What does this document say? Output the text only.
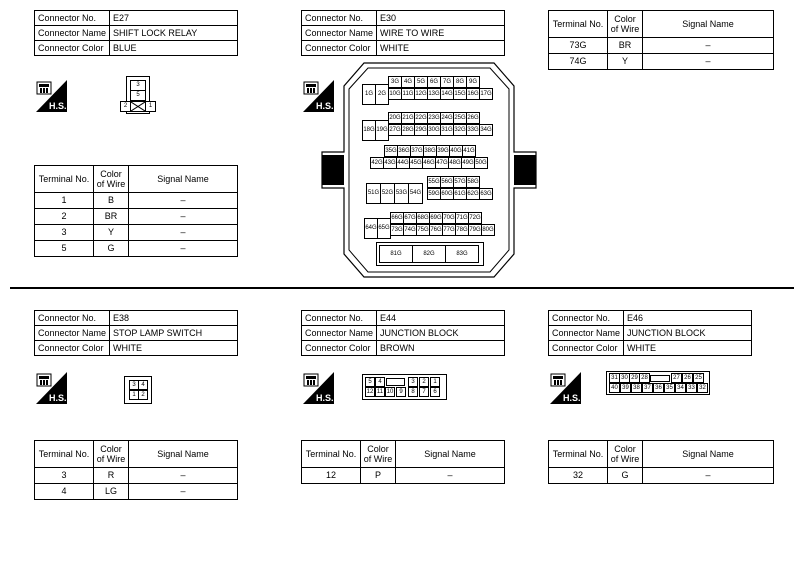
Connector No.	E27
Connector Name	SHIFT LOCK RELAY
Connector Color	BLUE
H.S.
3
5
2	1
Terminal No.	Color of Wire	Signal Name
1	B	–
2	BR	–
3	Y	–
5	G	–
Connector No.	E30
Connector Name	WIRE TO WIRE
Connector Color	WHITE
H.S.
1G 2G
3G 4G 5G 6G 7G 8G 9G
10G 11G 12G 13G 14G 15G 16G 17G
18G 19G
20G 21G 22G 23G 24G 25G 26G
27G 28G 29G 30G 31G 32G 33G 34G
35G 36G 37G 38G 39G 40G 41G
42G 43G 44G 45G 46G 47G 48G 49G 50G
51G 52G 53G 54G
55G 56G 57G 58G
59G 60G 61G 62G 63G
64G 65G
66G 67G 68G 69G 70G 71G 72G
73G 74G 75G 76G 77G 78G 79G 80G
81G	82G	83G
Terminal No.	Color of Wire	Signal Name
73G	BR	–
74G	Y	–
Connector No.	E38
Connector Name	STOP LAMP SWITCH
Connector Color	WHITE
H.S.
3 4
1 2
Terminal No.	Color of Wire	Signal Name
3	R	–
4	LG	–
Connector No.	E44
Connector Name	JUNCTION BLOCK
Connector Color	BROWN
H.S.
5	4	3	2	1
12 11 10 9	8	7	6
Terminal No.	Color of Wire	Signal Name
12	P	–
Connector No.	E46
Connector Name	JUNCTION BLOCK
Connector Color	WHITE
H.S.
31 30 29 28	27 26 25
40 39 38 37 36 35 34 33 32
Terminal No.	Color of Wire	Signal Name
32	G	–
